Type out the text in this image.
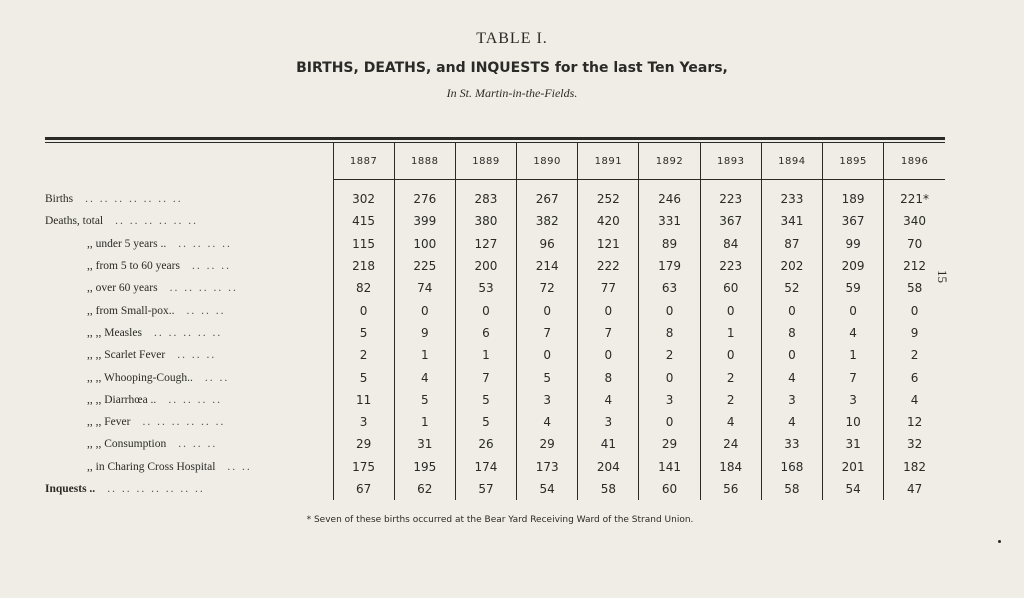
TABLE I.
BIRTHS, DEATHS, and INQUESTS for the last Ten Years,
In St. Martin-in-the-Fields.
	1887	1888	1889	1890	1891	1892	1893	1894	1895	1896
Births .. .. .. .. .. .. ..	302	276	283	267	252	246	223	233	189	221*
Deaths, total .. .. .. .. .. ..	415	399	380	382	420	331	367	341	367	340
,, under 5 years .. .. .. .. ..	115	100	127	96	121	89	84	87	99	70
,, from 5 to 60 years .. .. ..	218	225	200	214	222	179	223	202	209	212
,, over 60 years .. .. .. .. ..	82	74	53	72	77	63	60	52	59	58
,, from Small-pox.. .. .. ..	0	0	0	0	0	0	0	0	0	0
,, ,, Measles .. .. .. .. ..	5	9	6	7	7	8	1	8	4	9
,, ,, Scarlet Fever .. .. ..	2	1	1	0	0	2	0	0	1	2
,, ,, Whooping-Cough.. .. ..	5	4	7	5	8	0	2	4	7	6
,, ,, Diarrhœa .. .. .. .. ..	11	5	5	3	4	3	2	3	3	4
,, ,, Fever .. .. .. .. .. ..	3	1	5	4	3	0	4	4	10	12
,, ,, Consumption .. .. ..	29	31	26	29	41	29	24	33	31	32
,, in Charing Cross Hospital .. ..	175	195	174	173	204	141	184	168	201	182
Inquests .. .. .. .. .. .. .. ..	67	62	57	54	58	60	56	58	54	47
* Seven of these births occurred at the Bear Yard Receiving Ward of the Strand Union.
15
